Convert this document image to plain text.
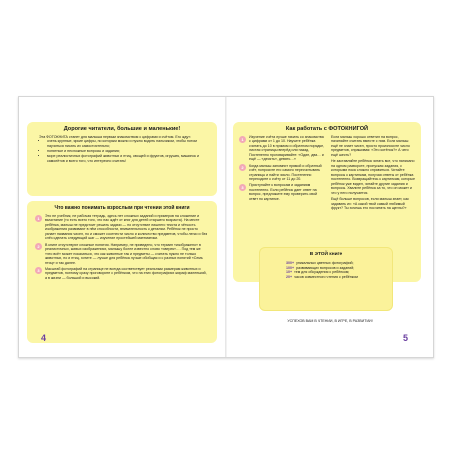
Дорогие читатели, большие и маленькие!
Эта ФОТОКНИГА станет для малыша первым знакомством с цифрами и счётом. Его ждут:
• очень крупные, яркие цифры, по которым можно и нужно водить пальчиком, чтобы потом научиться писать их самостоятельно;
• понятные и несложные вопросы и задания;
• море реалистичных фотографий животных и птиц, овощей и фруктов, игрушек, машинок и самолётов и всего того, что интересно считать!
Что важно понимать взрослым при чтении этой книги
1	Это не учебник, не рабочая тетрадь, здесь нет сложных заданий и примеров на сложение и вычитание (то есть всего того, что нас ждёт от книг для детей старшего возраста). На месте ребёнка, малыш не предстоит решать задачи — но отсутствие лишнего текста и чёткость изображения развивают в нём способности, внимательность к деталям. Ребёнок не просто узнает названия чисел, но и сможет соотнести число и количество предметов, чтобы легко и без слёз сделать следующий шаг — изучение простейшей математики.
2	В книге отсутствуют сложные понятия. Например, не приведено, что термин «изображено» в реалистичных, живых изображениях, малышу более известно слово «зверек»…. Под тем же «это всё» может показаться, что как животные так и предметы — считать нужно не только животных, но и птиц, хотите — лучше для ребёнка лучше обобщая и с разных понятий «Семь птиц» и так далее.
3	Масштаб фотографий на странице не всегда соответствует реальным размерам животных и предметов, поэтому сразу проговорите с ребёнком, что на этих фотографиях жираф маленький, а в жизни — большой и высокий.
4
Как работать с ФОТОКНИГОЙ
1	Изучение счёта лучше начать со знакомства с цифрами от 1 до 10. Научите ребёнка считать до 10 в прямом и обратном порядке, листая страницы вперёд или назад. Постепенно проговаривайте: «Один, два… и ещё — «десять», девять…»
2	Когда малыш запомнит прямой и обратный счёт, попросите его самого пересчитывать страницы и найти число. Постепенно переходите к счёту от 11 до 20.
3	Приступайте к вопросам и заданиям постепенно. Если ребёнок дает ответ на вопрос, предложите ему проверить свой ответ по картинке.
Если малыш хорошо ответил на вопрос, начинайте считать вместе с ним. Если малыш ещё не знает чисел, просто произносите число предметов, спрашивая: «Это котёнок?» А чего ещё шесть?
Не заставляйте ребёнка читать все, что написано на одном развороте, пропуская задания, с которыми пока сложно справиться. Читайте вопросы к картинкам, получая ответы от ребёнка постепенно. Возвращайтесь к картинкам, которые ребёнок уже видел, читайте другие задания и вопросы. Хвалите ребёнка за то, что он может и что у него получается.
Ещё больше вопросов, если малыш знает, как задавать их: «А какой твой самый любимый фрукт? Ты хочешь его посчитать на щеглы?»
В ЭТОЙ книге
300+ уникальных цветных фотографий;
100+ развивающих вопросов и заданий;
10+ тем для обсуждения с ребёнком;
20+ часов совместного чтения с ребёнком
УСПЕХОВ ВАМ В ЧТЕНИИ, В ИГРЕ, В РАЗВИТИИ!
5
